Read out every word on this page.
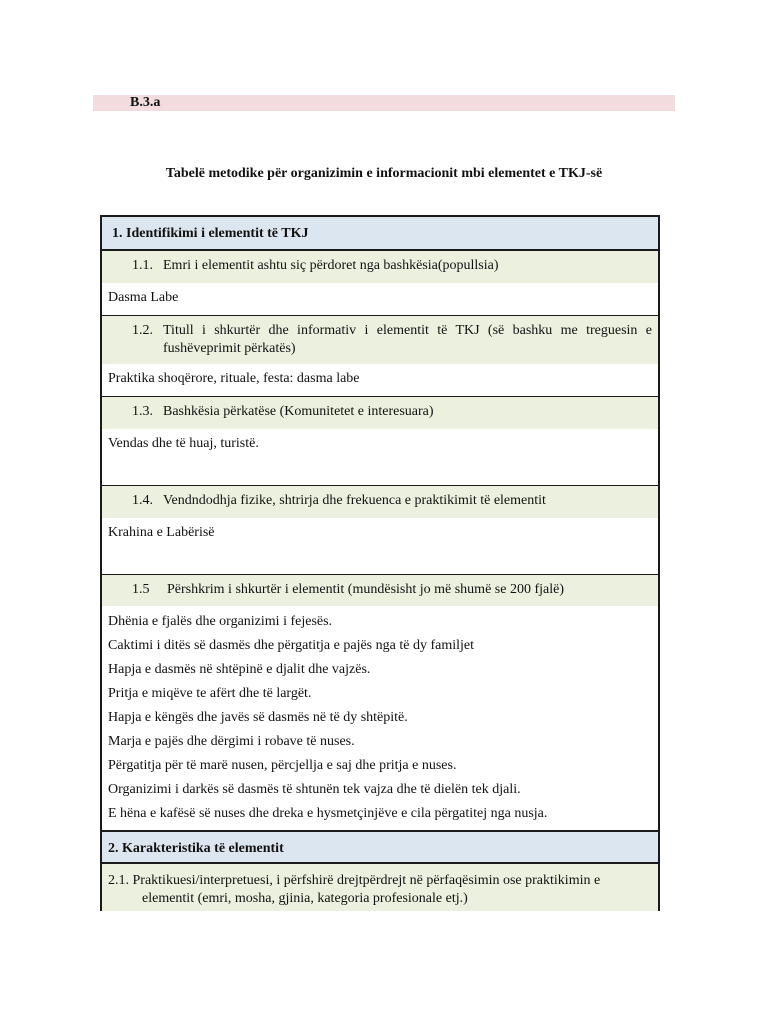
B.3.a
Tabelë metodike për organizimin e informacionit mbi elementet e TKJ-së
1. Identifikimi i elementit të TKJ
1.1. Emri i elementit ashtu siç përdoret nga bashkësia(popullsia)
Dasma Labe
1.2. Titull i shkurtër dhe informativ i elementit të TKJ (së bashku me treguesin e fushëveprimit përkatës)
Praktika shoqërore, rituale, festa: dasma labe
1.3. Bashkësia përkatëse (Komunitetet e interesuara)
Vendas dhe të huaj, turistë.
1.4. Vendndodhja fizike, shtrirja dhe frekuenca e praktikimit të elementit
Krahina e Labërisë
1.5 Përshkrim i shkurtër i elementit (mundësisht jo më shumë se 200 fjalë)
Dhënia e fjalës dhe organizimi i fejesës.
Caktimi i ditës së dasmës dhe përgatitja e pajës nga të dy familjet
Hapja e dasmës në shtëpinë e djalit dhe vajzës.
Pritja e miqëve te afërt dhe të largët.
Hapja e këngës dhe javës së dasmës në të dy shtëpitë.
Marja e pajës dhe dërgimi i robave të nuses.
Përgatitja për të marë nusen, përcjellja e saj dhe pritja e nuses.
Organizimi i darkës së dasmës të shtunën tek vajza dhe të dielën tek djali.
E hëna e kafësë së nuses dhe dreka e hysmetçinjëve e cila përgatitej nga nusja.
2. Karakteristika të elementit
2.1. Praktikuesi/interpretuesi, i përfshirë drejtpërdrejt në përfaqësimin ose praktikimin e
elementit (emri, mosha, gjinia, kategoria profesionale etj.)
